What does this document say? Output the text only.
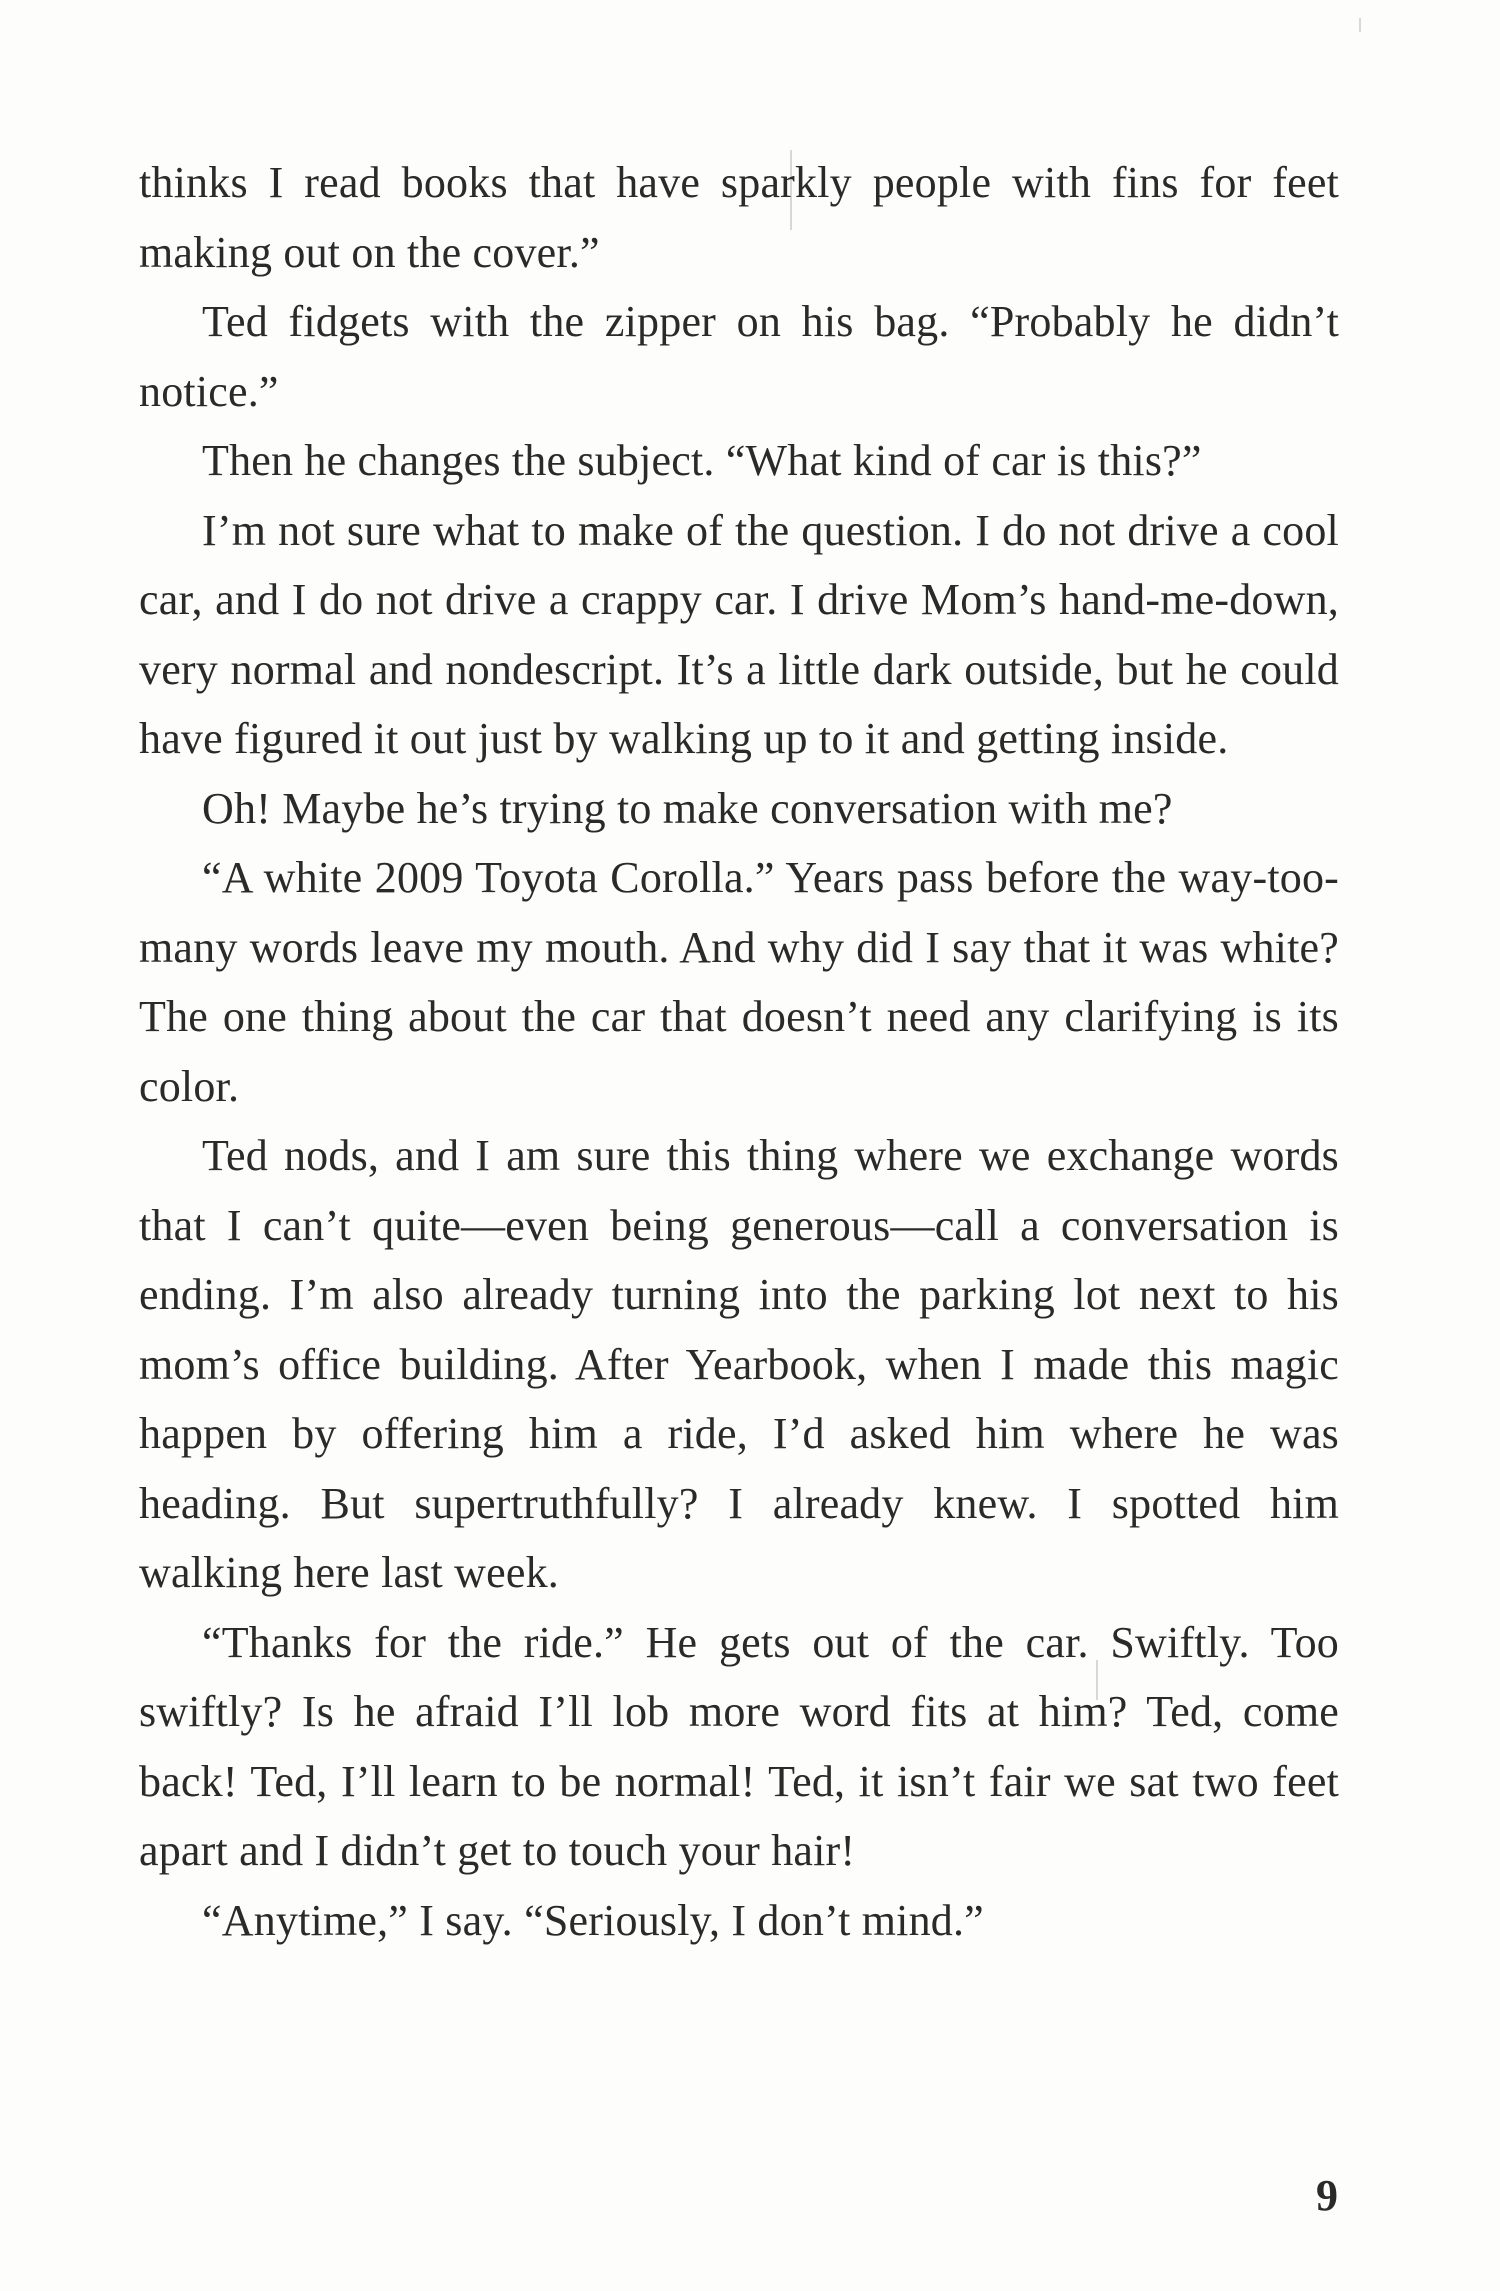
thinks I read books that have sparkly people with fins for feet making out on the cover.”

Ted fidgets with the zipper on his bag. “Probably he didn’t notice.”

Then he changes the subject. “What kind of car is this?”

I’m not sure what to make of the question. I do not drive a cool car, and I do not drive a crappy car. I drive Mom’s hand-me-down, very normal and nondescript. It’s a little dark outside, but he could have figured it out just by walking up to it and getting inside.

Oh! Maybe he’s trying to make conversation with me?

“A white 2009 Toyota Corolla.” Years pass before the way-too-many words leave my mouth. And why did I say that it was white? The one thing about the car that doesn’t need any clarifying is its color.

Ted nods, and I am sure this thing where we exchange words that I can’t quite—even being generous—call a conversation is ending. I’m also already turning into the parking lot next to his mom’s office building. After Yearbook, when I made this magic happen by offering him a ride, I’d asked him where he was heading. But supertruthfully? I already knew. I spotted him walking here last week.

“Thanks for the ride.” He gets out of the car. Swiftly. Too swiftly? Is he afraid I’ll lob more word fits at him? Ted, come back! Ted, I’ll learn to be normal! Ted, it isn’t fair we sat two feet apart and I didn’t get to touch your hair!

“Anytime,” I say. “Seriously, I don’t mind.”

9
